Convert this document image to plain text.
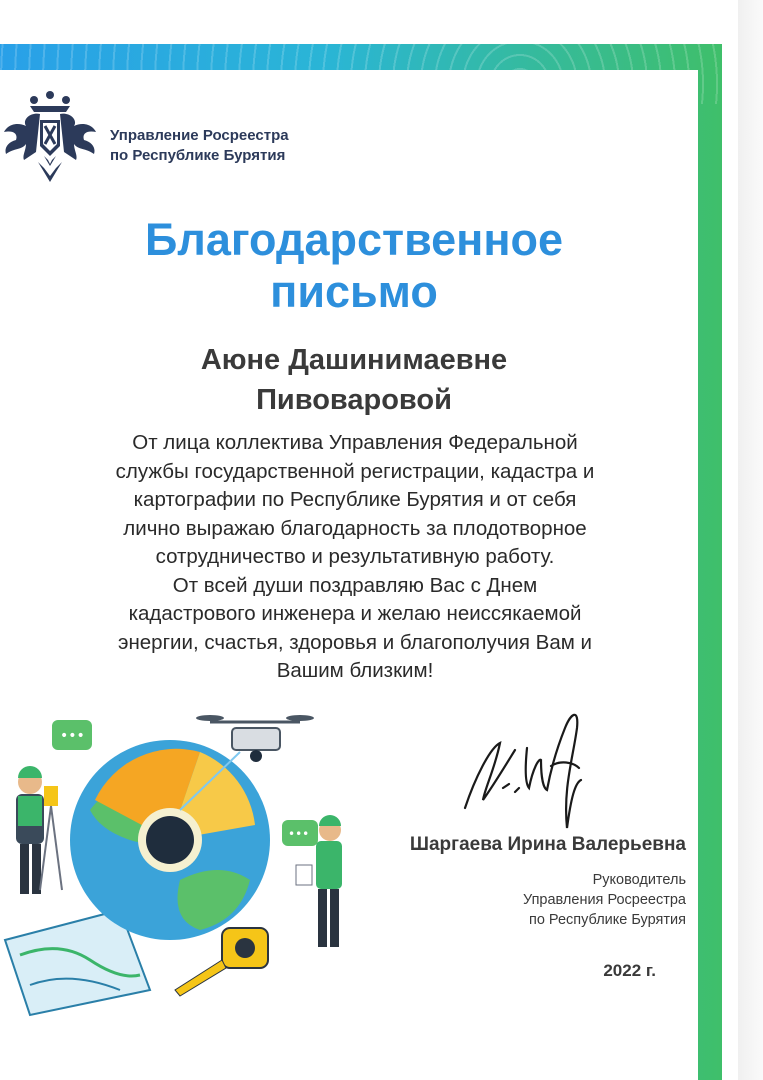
Управление Росреестра
по Республике Бурятия
Благодарственное
письмо
Аюне Дашинимаевне
Пивоваровой
От лица коллектива Управления Федеральной
службы государственной регистрации, кадастра и
картографии по Республике Бурятия и от себя
лично выражаю благодарность за плодотворное
сотрудничество и результативную работу.
От всей души поздравляю Вас с Днем
кадастрового инженера и желаю неиссякаемой
энергии, счастья, здоровья и благополучия Вам и
Вашим близким!
•••
•••	Шаргаева Ирина Валерьевна
Руководитель
Управления Росреестра
по Республике Бурятия
2022 г.
